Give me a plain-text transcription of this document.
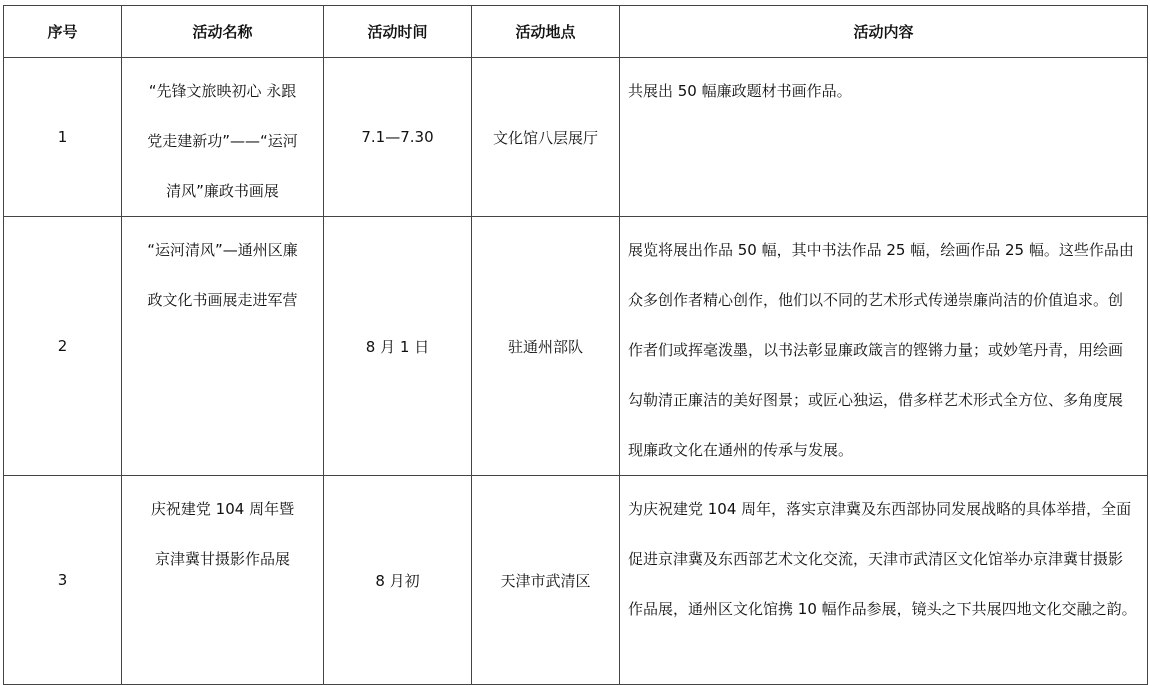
序号	活动名称	活动时间	活动地点	活动内容
1	“先锋文旅映初心 永跟
党走建新功”——“运河
清风”廉政书画展	7.1—7.30	文化馆八层展厅	共展出 50 幅廉政题材书画作品。
2	“运河清风”—通州区廉
政文化书画展走进军营	8 月 1 日	驻通州部队	展览将展出作品 50 幅，其中书法作品 25 幅，绘画作品 25 幅。这些作品由众多创作者精心创作，他们以不同的艺术形式传递崇廉尚洁的价值追求。创作者们或挥毫泼墨，以书法彰显廉政箴言的铿锵力量；或妙笔丹青，用绘画勾勒清正廉洁的美好图景；或匠心独运，借多样艺术形式全方位、多角度展现廉政文化在通州的传承与发展。
3	庆祝建党 104 周年暨
京津冀甘摄影作品展	8 月初	天津市武清区	为庆祝建党 104 周年，落实京津冀及东西部协同发展战略的具体举措，全面促进京津冀及东西部艺术文化交流，天津市武清区文化馆举办京津冀甘摄影作品展，通州区文化馆携 10 幅作品参展，镜头之下共展四地文化交融之韵。
